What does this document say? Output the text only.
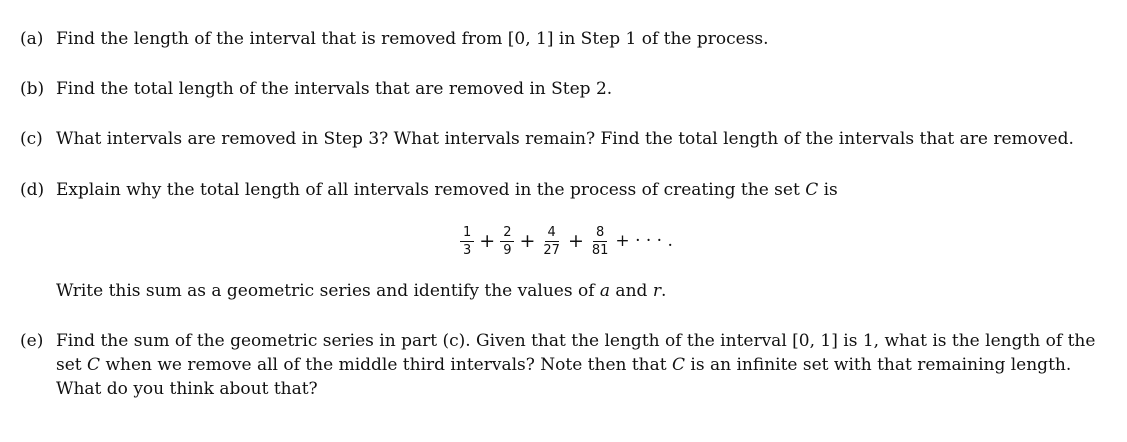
(a) Find the length of the interval that is removed from [0, 1] in Step 1 of the process.
(b) Find the total length of the intervals that are removed in Step 2.
(c) What intervals are removed in Step 3? What intervals remain? Find the total length of the intervals that are removed.
(d) Explain why the total length of all intervals removed in the process of creating the set C is
$\frac{1}{3} + \frac{2}{9} + \frac{4}{27} + \frac{8}{81}$ + · · · .
Write this sum as a geometric series and identify the values of a and r.
(e) Find the sum of the geometric series in part (c). Given that the length of the interval [0, 1] is 1, what is the length of the
set C when we remove all of the middle third intervals? Note then that C is an infinite set with that remaining length.
What do you think about that?
